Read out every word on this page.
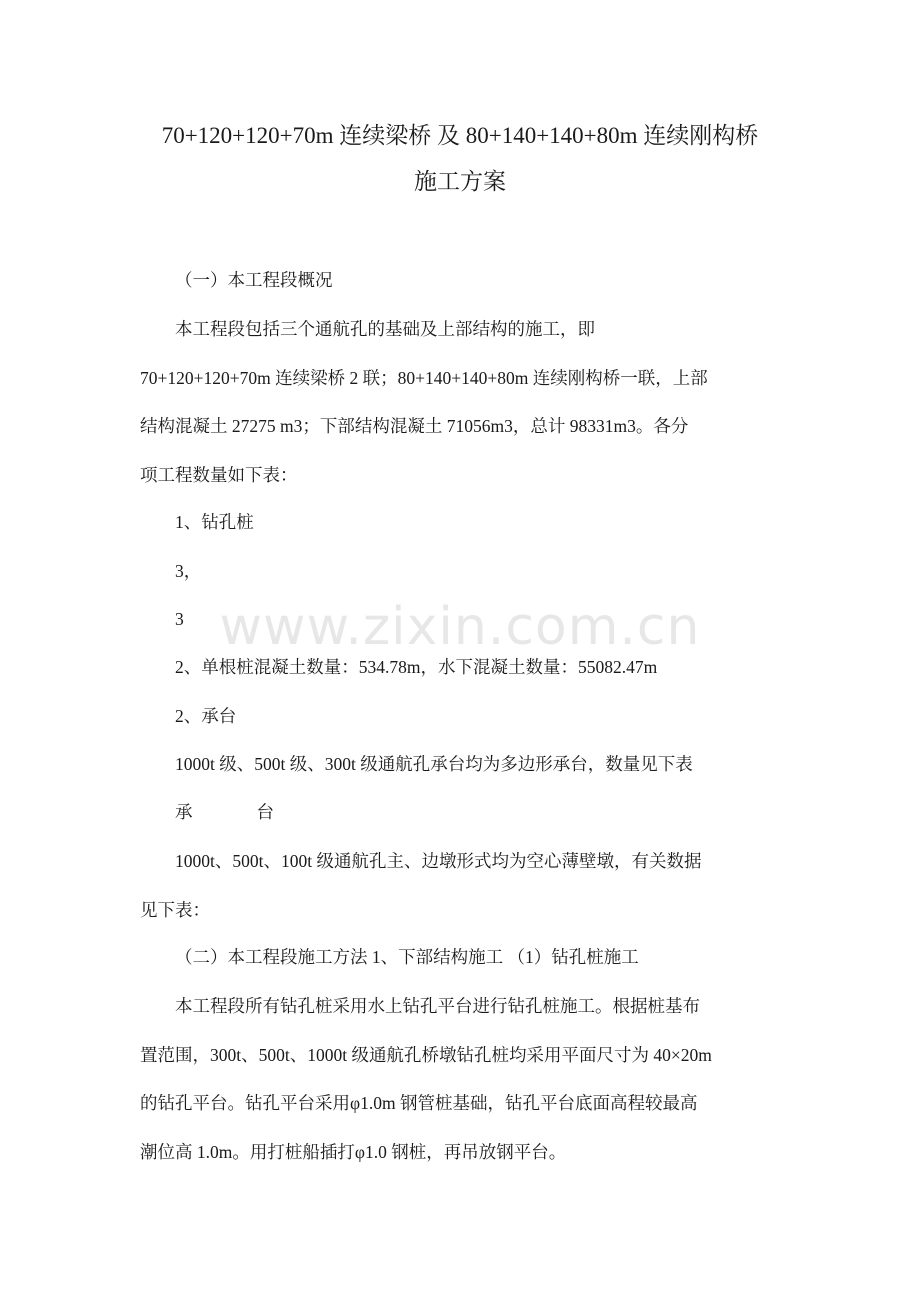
70+120+120+70m 连续梁桥 及 80+140+140+80m 连续刚构桥
施工方案
（一）本工程段概况
本工程段包括三个通航孔的基础及上部结构的施工，即
70+120+120+70m 连续梁桥 2 联；80+140+140+80m 连续刚构桥一联，上部
结构混凝土 27275 m3；下部结构混凝土 71056m3，总计 98331m3。各分
项工程数量如下表：
1、钻孔桩
3，
3
2、单根桩混凝土数量：534.78m，水下混凝土数量：55082.47m
2、承台
1000t 级、500t 级、300t 级通航孔承台均为多边形承台，数量见下表
承	台
1000t、500t、100t 级通航孔主、边墩形式均为空心薄壁墩，有关数据
见下表：
（二）本工程段施工方法 1、下部结构施工 （1）钻孔桩施工
本工程段所有钻孔桩采用水上钻孔平台进行钻孔桩施工。根据桩基布
置范围，300t、500t、1000t 级通航孔桥墩钻孔桩均采用平面尺寸为 40×20m
的钻孔平台。钻孔平台采用φ1.0m 钢管桩基础，钻孔平台底面高程较最高
潮位高 1.0m。用打桩船插打φ1.0 钢桩，再吊放钢平台。
www.zixin.com.cn
